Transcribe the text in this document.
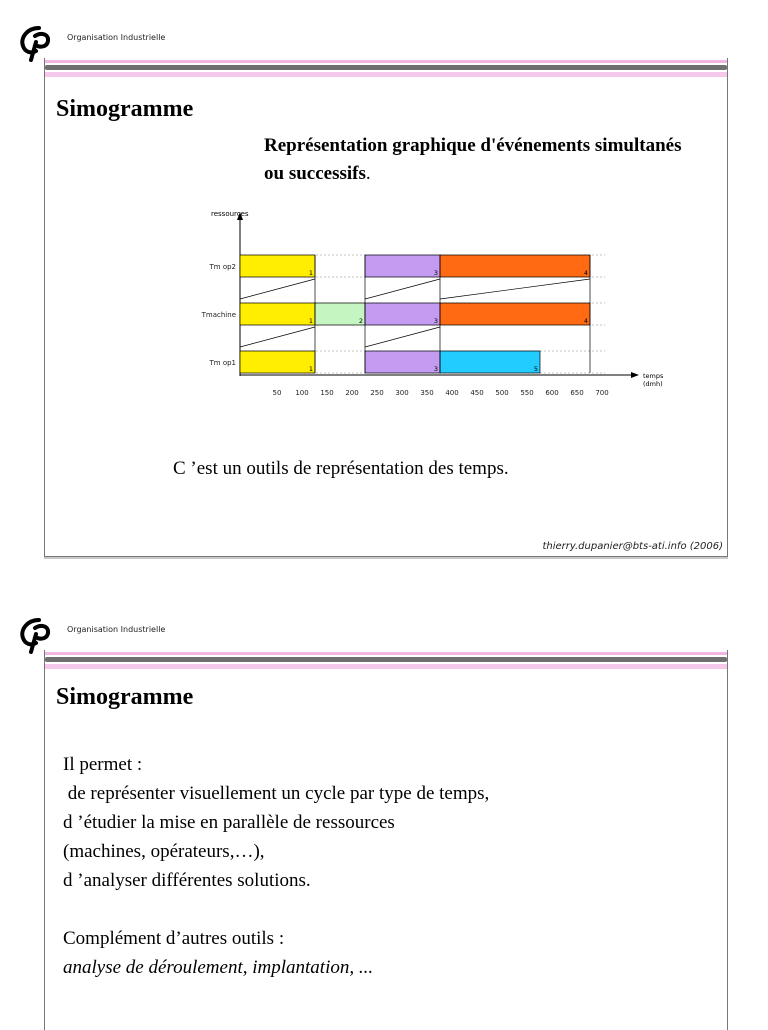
Organisation Industrielle
Simogramme
Représentation graphique d'événements simultanés ou successifs.
ressources
temps
(dmh)
Tm op2
Tmachine
Tm op1
1	3	4
1	2	3	4
1	3	5
50 100 150 200 250 300 350 400 450 500 550 600 650 700
C ’est un outils de représentation des temps.
thierry.dupanier@bts-ati.info (2006)
Organisation Industrielle
Simogramme
Il permet :
de représenter visuellement un cycle par type de temps,
d ’étudier la mise en parallèle de ressources
(machines, opérateurs,…),
d ’analyser différentes solutions.
Complément d’autres outils :
analyse de déroulement, implantation, ...
